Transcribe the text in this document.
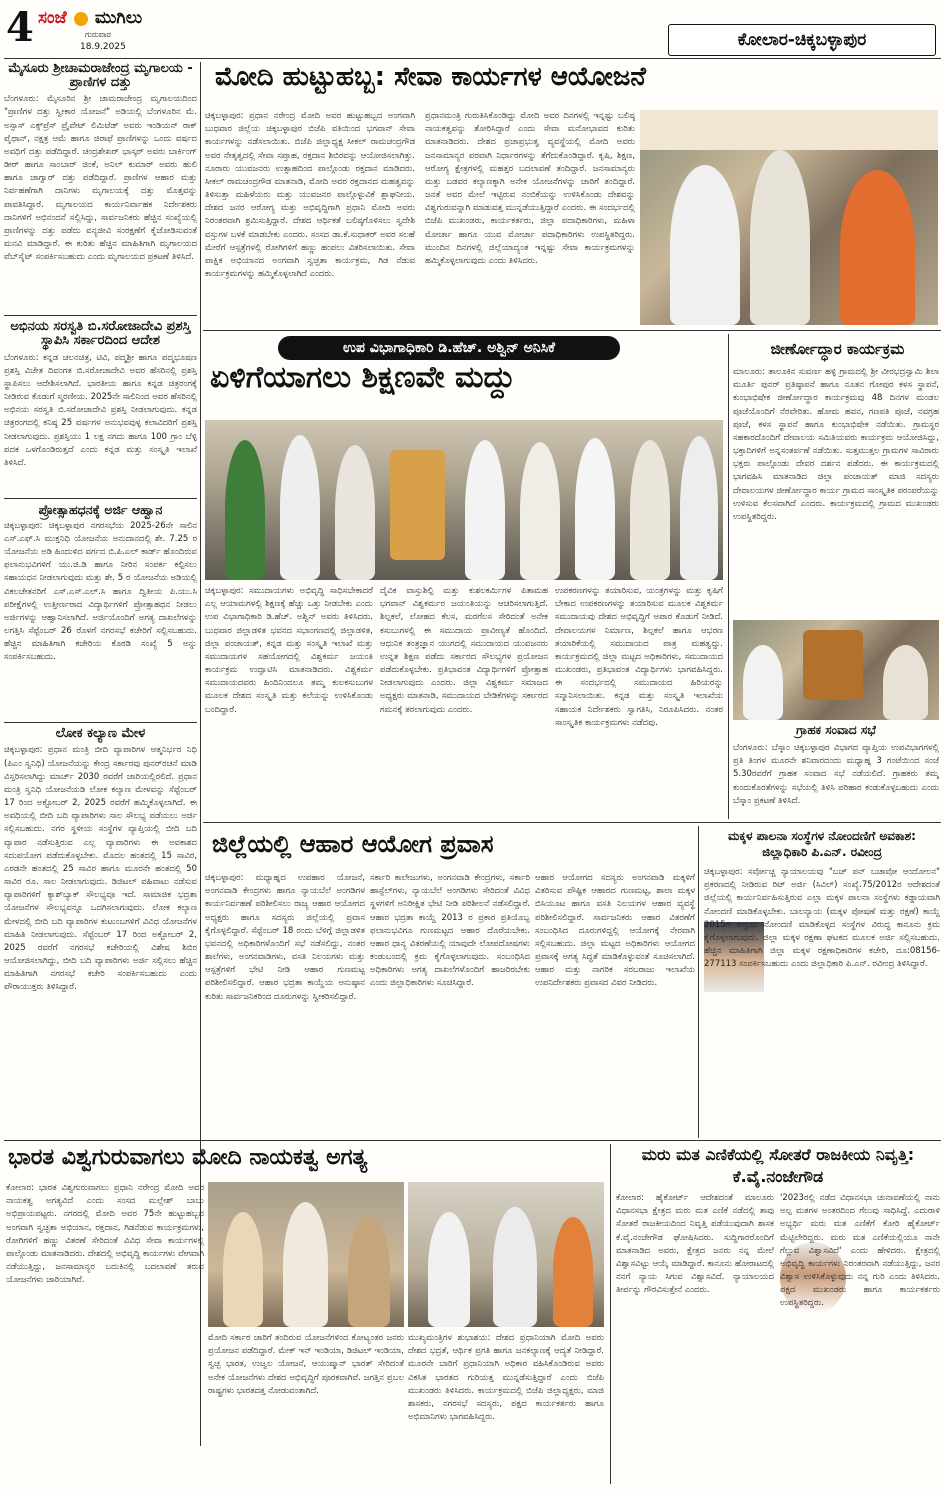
4 ಸಂಜೆ ಮುಗಿಲು
ಗುರುವಾರ
18.9.2025	ಕೋಲಾರ-ಚಿಕ್ಕಬಳ್ಳಾಪುರ
ಮೈಸೂರು ಶ್ರೀಚಾಮರಾಜೇಂದ್ರ ಮೃಗಾಲಯ - ಪ್ರಾಣಿಗಳ ದತ್ತು
ಬೆಂಗಳೂರು: ಮೈಸೂರಿನ ಶ್ರೀ ಚಾಮರಾಜೇಂದ್ರ ಮೃಗಾಲಯದಿಂದ "ಪ್ರಾಣಿಗಳ ದತ್ತು ಸ್ವೀಕಾರ ಯೋಜನೆ" ಅಡಿಯಲ್ಲಿ ಬೆಂಗಳೂರಿನ ಮೆ. ಅಸ್ಸಾಸ್ ಎಕ್ಸ್‌ಪ್ರೆಸ್ ಪ್ರೈವೇಟ್ ಲಿಮಿಟೆಡ್ ಅವರು ಇಂಡಿಯನ್ ರಾಕ್ ಪೈಥಾನ್, ನಕ್ಷತ್ರ ಆಮೆ ಹಾಗೂ ಜಿರಾಫೆ ಪ್ರಾಣಿಗಳನ್ನು ಒಂದು ವರ್ಷದ ಅವಧಿಗೆ ದತ್ತು ಪಡೆದಿದ್ದಾರೆ. ಚಂದ್ರಶೇಖರ್ ಭಾಸ್ಕರ್ ಅವರು ಬಾರ್ಕಿಂಗ್ ಡೀರ್ ಹಾಗೂ ಸಾಂಬಾರ್ ಜಿಂಕೆ, ಅನಿಲ್ ಕುಮಾರ್ ಅವರು ಹುಲಿ ಹಾಗೂ ಜಾಗ್ವಾರ್ ದತ್ತು ಪಡೆದಿದ್ದಾರೆ. ಪ್ರಾಣಿಗಳ ಆಹಾರ ಮತ್ತು ನಿರ್ವಹಣೆಗಾಗಿ ದಾನಿಗಳು ಮೃಗಾಲಯಕ್ಕೆ ದತ್ತು ಮೊತ್ತವನ್ನು ಪಾವತಿಸಿದ್ದಾರೆ. ಮೃಗಾಲಯದ ಕಾರ್ಯನಿರ್ವಾಹಕ ನಿರ್ದೇಶಕರು ದಾನಿಗಳಿಗೆ ಅಭಿನಂದನೆ ಸಲ್ಲಿಸಿದ್ದು, ಸಾರ್ವಜನಿಕರು ಹೆಚ್ಚಿನ ಸಂಖ್ಯೆಯಲ್ಲಿ ಪ್ರಾಣಿಗಳನ್ನು ದತ್ತು ಪಡೆದು ವನ್ಯಜೀವಿ ಸಂರಕ್ಷಣೆಗೆ ಕೈಜೋಡಿಸುವಂತೆ ಮನವಿ ಮಾಡಿದ್ದಾರೆ. ಈ ಕುರಿತು ಹೆಚ್ಚಿನ ಮಾಹಿತಿಗಾಗಿ ಮೃಗಾಲಯದ ವೆಬ್‌ಸೈಟ್ ಸಂಪರ್ಕಿಸಬಹುದು ಎಂದು ಮೃಗಾಲಯದ ಪ್ರಕಟಣೆ ತಿಳಿಸಿದೆ.
ಅಭಿನಯ ಸರಸ್ವತಿ ಬಿ.ಸರೋಜಾದೇವಿ ಪ್ರಶಸ್ತಿ ಸ್ಥಾಪಿಸಿ ಸರ್ಕಾರದಿಂದ ಆದೇಶ
ಬೆಂಗಳೂರು: ಕನ್ನಡ ಚಲನಚಿತ್ರ, ಟಿವಿ, ಪದ್ಮಶ್ರೀ ಹಾಗೂ ಪದ್ಮಭೂಷಣ ಪ್ರಶಸ್ತಿ ವಿಜೇತ ದಿವಂಗತ ಬಿ.ಸರೋಜಾದೇವಿ ಅವರ ಹೆಸರಿನಲ್ಲಿ ಪ್ರಶಸ್ತಿ ಸ್ಥಾಪಿಸಲು ಆದೇಶಿಸಲಾಗಿದೆ. ಭಾರತೀಯ ಹಾಗೂ ಕನ್ನಡ ಚಿತ್ರರಂಗಕ್ಕೆ ನೀಡಿರುವ ಕೊಡುಗೆ ಸ್ಮರಣೀಯ. 2025ನೇ ಸಾಲಿನಿಂದ ಅವರ ಹೆಸರಿನಲ್ಲಿ ಅಭಿನಯ ಸರಸ್ವತಿ ಬಿ.ಸರೋಜಾದೇವಿ ಪ್ರಶಸ್ತಿ ನೀಡಲಾಗುವುದು. ಕನ್ನಡ ಚಿತ್ರರಂಗದಲ್ಲಿ ಕನಿಷ್ಠ 25 ವರ್ಷಗಳ ಅನುಭವವುಳ್ಳ ಕಲಾವಿದರಿಗೆ ಪ್ರಶಸ್ತಿ ನೀಡಲಾಗುವುದು. ಪ್ರಶಸ್ತಿಯು 1 ಲಕ್ಷ ನಗದು ಹಾಗೂ 100 ಗ್ರಾಂ ಬೆಳ್ಳಿ ಪದಕ ಒಳಗೊಂಡಿರುತ್ತದೆ ಎಂದು ಕನ್ನಡ ಮತ್ತು ಸಂಸ್ಕೃತಿ ಇಲಾಖೆ ತಿಳಿಸಿದೆ.
ಪ್ರೋತ್ಸಾಹಧನಕ್ಕೆ ಅರ್ಜಿ ಆಹ್ವಾನ
ಚಿಕ್ಕಬಳ್ಳಾಪುರ: ಚಿಕ್ಕಬಳ್ಳಾಪುರ ನಗರಸಭೆಯ 2025-26ನೇ ಸಾಲಿನ ಎಸ್.ಎಫ್.ಸಿ ಮುಕ್ತನಿಧಿ ಯೋಜನೆಯ ಅನುದಾನದಲ್ಲಿ ಶೇ. 7.25 ರ ಯೋಜನೆಯ ಅಡಿ ಹಿಂದುಳಿದ ವರ್ಗದ ಬಿ.ಪಿ.ಎಲ್ ಕಾರ್ಡ್ ಹೊಂದಿರುವ ಫಲಾನುಭವಿಗಳಿಗೆ ಯು.ಜಿ.ಡಿ ಹಾಗೂ ನೀರಿನ ಸಂಪರ್ಕ ಕಲ್ಪಿಸಲು ಸಹಾಯಧನ ನೀಡಲಾಗುವುದು ಮತ್ತು ಶೇ. 5 ರ ಯೋಜನೆಯ ಅಡಿಯಲ್ಲಿ ವಿಕಲಚೇತನರಿಗೆ ಎಸ್.ಎಸ್.ಎಲ್.ಸಿ ಹಾಗೂ ದ್ವಿತೀಯ ಪಿ.ಯು.ಸಿ ಪರೀಕ್ಷೆಗಳಲ್ಲಿ ಉತ್ತೀರ್ಣರಾದ ವಿದ್ಯಾರ್ಥಿಗಳಿಗೆ ಪ್ರೋತ್ಸಾಹಧನ ನೀಡಲು ಅರ್ಜಿಗಳನ್ನು ಆಹ್ವಾನಿಸಲಾಗಿದೆ. ಅರ್ಜಿಯೊಂದಿಗೆ ಅಗತ್ಯ ದಾಖಲೆಗಳನ್ನು ಲಗತ್ತಿಸಿ ಸೆಪ್ಟೆಂಬರ್ 26 ರೊಳಗೆ ನಗರಸಭೆ ಕಚೇರಿಗೆ ಸಲ್ಲಿಸಬಹುದು. ಹೆಚ್ಚಿನ ಮಾಹಿತಿಗಾಗಿ ಕಚೇರಿಯ ಕೊಠಡಿ ಸಂಖ್ಯೆ 5 ಅನ್ನು ಸಂಪರ್ಕಿಸಬಹುದು.
ಲೋಕ ಕಲ್ಯಾಣ ಮೇಳ
ಚಿಕ್ಕಬಳ್ಳಾಪುರ: ಪ್ರಧಾನ ಮಂತ್ರಿ ಬೀದಿ ವ್ಯಾಪಾರಿಗಳ ಆತ್ಮನಿರ್ಭರ ನಿಧಿ (ಪಿಎಂ ಸ್ವನಿಧಿ) ಯೋಜನೆಯನ್ನು ಕೇಂದ್ರ ಸರ್ಕಾರವು ಪುನರ್‌ರಚನೆ ಮಾಡಿ ವಿಸ್ತರಿಸಲಾಗಿದ್ದು ಮಾರ್ಚ್ 2030 ರವರೆಗೆ ಜಾರಿಯಲ್ಲಿರಲಿದೆ. ಪ್ರಧಾನ ಮಂತ್ರಿ ಸ್ವನಿಧಿ ಯೋಜನೆಯಡಿ ಲೋಕ ಕಲ್ಯಾಣ ಮೇಳವನ್ನು ಸೆಪ್ಟೆಂಬರ್ 17 ರಿಂದ ಅಕ್ಟೋಬರ್ 2, 2025 ರವರೆಗೆ ಹಮ್ಮಿಕೊಳ್ಳಲಾಗಿದೆ. ಈ ಅವಧಿಯಲ್ಲಿ ಬೀದಿ ಬದಿ ವ್ಯಾಪಾರಿಗಳು ಸಾಲ ಸೌಲಭ್ಯ ಪಡೆಯಲು ಅರ್ಜಿ ಸಲ್ಲಿಸಬಹುದು. ನಗರ ಸ್ಥಳೀಯ ಸಂಸ್ಥೆಗಳ ವ್ಯಾಪ್ತಿಯಲ್ಲಿ ಬೀದಿ ಬದಿ ವ್ಯಾಪಾರ ನಡೆಸುತ್ತಿರುವ ಎಲ್ಲ ವ್ಯಾಪಾರಿಗಳು ಈ ಅವಕಾಶದ ಸದುಪಯೋಗ ಪಡೆದುಕೊಳ್ಳಬೇಕು. ಮೊದಲ ಹಂತದಲ್ಲಿ 15 ಸಾವಿರ, ಎರಡನೇ ಹಂತದಲ್ಲಿ 25 ಸಾವಿರ ಹಾಗೂ ಮೂರನೇ ಹಂತದಲ್ಲಿ 50 ಸಾವಿರ ರೂ. ಸಾಲ ನೀಡಲಾಗುವುದು. ಡಿಜಿಟಲ್ ವಹಿವಾಟು ನಡೆಸುವ ವ್ಯಾಪಾರಿಗಳಿಗೆ ಕ್ಯಾಶ್‌ಬ್ಯಾಕ್ ಸೌಲಭ್ಯವೂ ಇದೆ. ಸಾಮಾಜಿಕ ಭದ್ರತಾ ಯೋಜನೆಗಳ ಸೌಲಭ್ಯವನ್ನೂ ಒದಗಿಸಲಾಗುವುದು. ಲೋಕ ಕಲ್ಯಾಣ ಮೇಳದಲ್ಲಿ ಬೀದಿ ಬದಿ ವ್ಯಾಪಾರಿಗಳ ಕುಟುಂಬಗಳಿಗೆ ವಿವಿಧ ಯೋಜನೆಗಳ ಮಾಹಿತಿ ನೀಡಲಾಗುವುದು. ಸೆಪ್ಟೆಂಬರ್ 17 ರಿಂದ ಅಕ್ಟೋಬರ್ 2, 2025 ರವರೆಗೆ ನಗರಸಭೆ ಕಚೇರಿಯಲ್ಲಿ ವಿಶೇಷ ಶಿಬಿರ ಆಯೋಜಿಸಲಾಗಿದ್ದು, ಬೀದಿ ಬದಿ ವ್ಯಾಪಾರಿಗಳು ಅರ್ಜಿ ಸಲ್ಲಿಸಲು ಹೆಚ್ಚಿನ ಮಾಹಿತಿಗಾಗಿ ನಗರಸಭೆ ಕಚೇರಿ ಸಂಪರ್ಕಿಸಬಹುದು ಎಂದು ಪೌರಾಯುಕ್ತರು ತಿಳಿಸಿದ್ದಾರೆ.
ಮೋದಿ ಹುಟ್ಟುಹಬ್ಬ: ಸೇವಾ ಕಾರ್ಯಗಳ ಆಯೋಜನೆ
ಚಿಕ್ಕಬಳ್ಳಾಪುರ: ಪ್ರಧಾನ ನರೇಂದ್ರ ಮೋದಿ ಅವರ ಹುಟ್ಟುಹಬ್ಬದ ಅಂಗವಾಗಿ ಬುಧವಾರ ಜಿಲ್ಲೆಯ ಚಿಕ್ಕಬಳ್ಳಾಪುರ ಬಿಜೆಪಿ ವತಿಯಿಂದ ಭಗವಾನ್ ಸೇವಾ ಕಾರ್ಯಗಳನ್ನು ನಡೆಸಲಾಯಿತು. ಬಿಜೆಪಿ ಜಿಲ್ಲಾಧ್ಯಕ್ಷ ಸೀಕಲ್ ರಾಮಚಂದ್ರಗೌಡ ಅವರ ನೇತೃತ್ವದಲ್ಲಿ ಸೇವಾ ಸಪ್ತಾಹ, ರಕ್ತದಾನ ಶಿಬಿರವನ್ನು ಆಯೋಜಿಸಲಾಗಿತ್ತು. ನೂರಾರು ಯುವಜನರು ಉತ್ಸಾಹದಿಂದ ಪಾಲ್ಗೊಂಡು ರಕ್ತದಾನ ಮಾಡಿದರು. ಸೀಕಲ್ ರಾಮಚಂದ್ರಗೌಡ ಮಾತನಾಡಿ, ಮೋದಿ ಅವರ ರಕ್ತದಾನದ ಮಹತ್ವವನ್ನು ತಿಳಿಸುತ್ತಾ ಮಹಿಳೆಯರು ಮತ್ತು ಯುವಜನರ ಪಾಲ್ಗೊಳ್ಳುವಿಕೆ ಶ್ಲಾಘನೀಯ. ದೇಶದ ಜನರ ಆರೋಗ್ಯ ಮತ್ತು ಅಭಿವೃದ್ಧಿಗಾಗಿ ಪ್ರಧಾನಿ ಮೋದಿ ಅವರು ನಿರಂತರವಾಗಿ ಶ್ರಮಿಸುತ್ತಿದ್ದಾರೆ. ದೇಶದ ಆರ್ಥಿಕತೆ ಬಲಿಷ್ಠಗೊಳಿಸಲು ಸ್ವದೇಶಿ ವಸ್ತುಗಳ ಬಳಕೆ ಮಾಡಬೇಕು ಎಂದರು. ಸಂಸದ ಡಾ.ಕೆ.ಸುಧಾಕರ್ ಅವರ ಸಲಹೆ ಮೇರೆಗೆ ಆಸ್ಪತ್ರೆಗಳಲ್ಲಿ ರೋಗಿಗಳಿಗೆ ಹಣ್ಣು ಹಂಪಲು ವಿತರಿಸಲಾಯಿತು. ಸೇವಾ ಪಾಕ್ಷಿಕ ಅಭಿಯಾನದ ಅಂಗವಾಗಿ ಸ್ವಚ್ಛತಾ ಕಾರ್ಯಕ್ರಮ, ಗಿಡ ನೆಡುವ ಕಾರ್ಯಕ್ರಮಗಳನ್ನು ಹಮ್ಮಿಕೊಳ್ಳಲಾಗಿದೆ ಎಂದರು.
ಪ್ರಧಾನಮಂತ್ರಿ ಗುರುತಿಸಿಕೊಂಡಿದ್ದು ಮೋದಿ ಅವರ ದಿನಗಳಲ್ಲಿ ಇನ್ನಷ್ಟು ಬಲಿಷ್ಠ ನಾಯಕತ್ವವನ್ನು ತೋರಿಸಿದ್ದಾರೆ ಎಂದು ಸೇವಾ ಮನೋಭಾವದ ಕುರಿತು ಮಾತನಾಡಿದರು. ದೇಶದ ಪ್ರಜಾಪ್ರಭುತ್ವ ವ್ಯವಸ್ಥೆಯಲ್ಲಿ ಮೋದಿ ಅವರು ಜನಸಾಮಾನ್ಯರ ಪರವಾಗಿ ನಿರ್ಧಾರಗಳನ್ನು ತೆಗೆದುಕೊಂಡಿದ್ದಾರೆ. ಕೃಷಿ, ಶಿಕ್ಷಣ, ಆರೋಗ್ಯ ಕ್ಷೇತ್ರಗಳಲ್ಲಿ ಮಹತ್ತರ ಬದಲಾವಣೆ ತಂದಿದ್ದಾರೆ. ಜನಸಾಮಾನ್ಯರು ಮತ್ತು ಬಡವರ ಕಲ್ಯಾಣಕ್ಕಾಗಿ ಅನೇಕ ಯೋಜನೆಗಳನ್ನು ಜಾರಿಗೆ ತಂದಿದ್ದಾರೆ. ಜನತೆ ಅವರ ಮೇಲೆ ಇಟ್ಟಿರುವ ನಂಬಿಕೆಯನ್ನು ಉಳಿಸಿಕೊಂಡು ದೇಶವನ್ನು ವಿಶ್ವಗುರುವನ್ನಾಗಿ ಮಾಡುವತ್ತ ಮುನ್ನಡೆಯುತ್ತಿದ್ದಾರೆ ಎಂದರು. ಈ ಸಂದರ್ಭದಲ್ಲಿ ಬಿಜೆಪಿ ಮುಖಂಡರು, ಕಾರ್ಯಕರ್ತರು, ಜಿಲ್ಲಾ ಪದಾಧಿಕಾರಿಗಳು, ಮಹಿಳಾ ಮೋರ್ಚಾ ಹಾಗೂ ಯುವ ಮೋರ್ಚಾ ಪದಾಧಿಕಾರಿಗಳು ಉಪಸ್ಥಿತರಿದ್ದರು. ಮುಂದಿನ ದಿನಗಳಲ್ಲಿ ಜಿಲ್ಲೆಯಾದ್ಯಂತ ಇನ್ನಷ್ಟು ಸೇವಾ ಕಾರ್ಯಕ್ರಮಗಳನ್ನು ಹಮ್ಮಿಕೊಳ್ಳಲಾಗುವುದು ಎಂದು ತಿಳಿಸಿದರು.
ಉಪ ವಿಭಾಗಾಧಿಕಾರಿ ಡಿ.ಹೆಚ್. ಅಶ್ವಿನ್ ಅನಿಸಿಕೆ
ಏಳಿಗೆಯಾಗಲು ಶಿಕ್ಷಣವೇ ಮದ್ದು
ಚಿಕ್ಕಬಳ್ಳಾಪುರ: ಸಮುದಾಯಗಳು ಅಭಿವೃದ್ಧಿ ಸಾಧಿಸಬೇಕಾದರೆ ಎಲ್ಲ ಆಯಾಮಗಳಲ್ಲಿ ಶಿಕ್ಷಣಕ್ಕೆ ಹೆಚ್ಚು ಒತ್ತು ನೀಡಬೇಕು ಎಂದು ಉಪ ವಿಭಾಗಾಧಿಕಾರಿ ಡಿ.ಹೆಚ್. ಅಶ್ವಿನ್ ಅವರು ತಿಳಿಸಿದರು. ಬುಧವಾರ ಜಿಲ್ಲಾಡಳಿತ ಭವನದ ಸಭಾಂಗಣದಲ್ಲಿ ಜಿಲ್ಲಾಡಳಿತ, ಜಿಲ್ಲಾ ಪಂಚಾಯತ್, ಕನ್ನಡ ಮತ್ತು ಸಂಸ್ಕೃತಿ ಇಲಾಖೆ ಮತ್ತು ಸಮುದಾಯಗಳ ಸಹಯೋಗದಲ್ಲಿ ವಿಶ್ವಕರ್ಮ ಜಯಂತಿ ಕಾರ್ಯಕ್ರಮ ಉದ್ಘಾಟಿಸಿ ಮಾತನಾಡಿದರು. ವಿಶ್ವಕರ್ಮ ಸಮುದಾಯದವರು ಹಿಂದಿನಿಂದಲೂ ತಮ್ಮ ಕುಲಕಸುಬುಗಳ ಮೂಲಕ ದೇಶದ ಸಂಸ್ಕೃತಿ ಮತ್ತು ಕಲೆಯನ್ನು ಉಳಿಸಿಕೊಂಡು ಬಂದಿದ್ದಾರೆ.
ದೈವಿಕ ವಾಸ್ತುಶಿಲ್ಪಿ ಮತ್ತು ಕುಶಲಕರ್ಮಿಗಳ ಪಿತಾಮಹ ಭಗವಾನ್ ವಿಶ್ವಕರ್ಮರ ಜಯಂತಿಯನ್ನು ಆಚರಿಸಲಾಗುತ್ತಿದೆ. ಶಿಲ್ಪಕಲೆ, ಲೋಹದ ಕೆಲಸ, ಮರಗೆಲಸ ಸೇರಿದಂತೆ ಅನೇಕ ಕಸುಬುಗಳಲ್ಲಿ ಈ ಸಮುದಾಯ ಪ್ರಾವೀಣ್ಯತೆ ಹೊಂದಿದೆ. ಆಧುನಿಕ ತಂತ್ರಜ್ಞಾನ ಯುಗದಲ್ಲಿ ಸಮುದಾಯದ ಯುವಜನರು ಉನ್ನತ ಶಿಕ್ಷಣ ಪಡೆದು ಸರ್ಕಾರದ ಸೌಲಭ್ಯಗಳ ಪ್ರಯೋಜನ ಪಡೆದುಕೊಳ್ಳಬೇಕು. ಪ್ರತಿಭಾವಂತ ವಿದ್ಯಾರ್ಥಿಗಳಿಗೆ ಪ್ರೋತ್ಸಾಹ ನೀಡಲಾಗುವುದು ಎಂದರು. ಜಿಲ್ಲಾ ವಿಶ್ವಕರ್ಮ ಸಮಾಜದ ಅಧ್ಯಕ್ಷರು ಮಾತನಾಡಿ, ಸಮುದಾಯದ ಬೇಡಿಕೆಗಳನ್ನು ಸರ್ಕಾರದ ಗಮನಕ್ಕೆ ತರಲಾಗುವುದು ಎಂದರು.
ಉಪಕರಣಗಳನ್ನು ತಯಾರಿಸುವ, ಯಂತ್ರಗಳನ್ನು ಮತ್ತು ಕೃಷಿಗೆ ಬೇಕಾದ ಉಪಕರಣಗಳನ್ನು ತಯಾರಿಸುವ ಮೂಲಕ ವಿಶ್ವಕರ್ಮ ಸಮುದಾಯವು ದೇಶದ ಅಭಿವೃದ್ಧಿಗೆ ಅಪಾರ ಕೊಡುಗೆ ನೀಡಿದೆ. ದೇವಾಲಯಗಳ ನಿರ್ಮಾಣ, ಶಿಲ್ಪಕಲೆ ಹಾಗೂ ಆಭರಣ ತಯಾರಿಕೆಯಲ್ಲಿ ಸಮುದಾಯದ ಪಾತ್ರ ಮಹತ್ವದ್ದು. ಕಾರ್ಯಕ್ರಮದಲ್ಲಿ ಜಿಲ್ಲಾ ಮಟ್ಟದ ಅಧಿಕಾರಿಗಳು, ಸಮುದಾಯದ ಮುಖಂಡರು, ಪ್ರತಿಭಾವಂತ ವಿದ್ಯಾರ್ಥಿಗಳು ಭಾಗವಹಿಸಿದ್ದರು. ಈ ಸಂದರ್ಭದಲ್ಲಿ ಸಮುದಾಯದ ಹಿರಿಯರನ್ನು ಸನ್ಮಾನಿಸಲಾಯಿತು. ಕನ್ನಡ ಮತ್ತು ಸಂಸ್ಕೃತಿ ಇಲಾಖೆಯ ಸಹಾಯಕ ನಿರ್ದೇಶಕರು ಸ್ವಾಗತಿಸಿ, ನಿರೂಪಿಸಿದರು. ನಂತರ ಸಾಂಸ್ಕೃತಿಕ ಕಾರ್ಯಕ್ರಮಗಳು ನಡೆದವು.
ಜೀರ್ಣೋದ್ಧಾರ ಕಾರ್ಯಕ್ರಮ
ಮಾಲೂರು: ತಾಲೂಕಿನ ಸುವರ್ಣ ಹಳ್ಳಿ ಗ್ರಾಮದಲ್ಲಿ ಶ್ರೀ ವೀರಭದ್ರಸ್ವಾಮಿ ಶಿಲಾ ಮೂರ್ತಿ ಪುನರ್ ಪ್ರತಿಷ್ಠಾಪನೆ ಹಾಗೂ ನೂತನ ಗೋಪುರ ಕಳಸ ಸ್ಥಾಪನೆ, ಕುಂಭಾಭಿಷೇಕ ಜೀರ್ಣೋದ್ಧಾರ ಕಾರ್ಯಕ್ರಮವು 48 ದಿನಗಳ ಮಂಡಲ ಪೂಜೆಯೊಂದಿಗೆ ನೆರವೇರಿತು. ಹೋಮ ಹವನ, ಗಣಪತಿ ಪೂಜೆ, ನವಗ್ರಹ ಪೂಜೆ, ಕಳಸ ಸ್ಥಾಪನೆ ಹಾಗೂ ಕುಂಭಾಭಿಷೇಕ ನಡೆಯಿತು. ಗ್ರಾಮಸ್ಥರ ಸಹಕಾರದೊಂದಿಗೆ ದೇವಾಲಯ ಸಮಿತಿಯವರು ಕಾರ್ಯಕ್ರಮ ಆಯೋಜಿಸಿದ್ದು, ಭಕ್ತಾದಿಗಳಿಗೆ ಅನ್ನಸಂತರ್ಪಣೆ ನಡೆಯಿತು. ಸುತ್ತಮುತ್ತಲ ಗ್ರಾಮಗಳ ಸಾವಿರಾರು ಭಕ್ತರು ಪಾಲ್ಗೊಂಡು ದೇವರ ದರ್ಶನ ಪಡೆದರು. ಈ ಕಾರ್ಯಕ್ರಮದಲ್ಲಿ ಭಾಗವಹಿಸಿ ಮಾತನಾಡಿದ ಜಿಲ್ಲಾ ಪಂಚಾಯತ್ ಮಾಜಿ ಸದಸ್ಯರು ದೇವಾಲಯಗಳ ಜೀರ್ಣೋದ್ಧಾರ ಕಾರ್ಯ ಗ್ರಾಮದ ಸಾಂಸ್ಕೃತಿಕ ಪರಂಪರೆಯನ್ನು ಉಳಿಸುವ ಕೆಲಸವಾಗಿದೆ ಎಂದರು. ಕಾರ್ಯಕ್ರಮದಲ್ಲಿ ಗ್ರಾಮದ ಮುಖಂಡರು ಉಪಸ್ಥಿತರಿದ್ದರು.
ಗ್ರಾಹಕ ಸಂವಾದ ಸಭೆ
ಬೆಂಗಳೂರು: ಬೆಸ್ಕಾಂ ಚಿಕ್ಕಬಳ್ಳಾಪುರ ವಿಭಾಗದ ವ್ಯಾಪ್ತಿಯ ಉಪವಿಭಾಗಗಳಲ್ಲಿ ಪ್ರತಿ ತಿಂಗಳ ಮೂರನೇ ಶನಿವಾರದಂದು ಮಧ್ಯಾಹ್ನ 3 ಗಂಟೆಯಿಂದ ಸಂಜೆ 5.30ರವರೆಗೆ ಗ್ರಾಹಕ ಸಂವಾದ ಸಭೆ ನಡೆಯಲಿದೆ. ಗ್ರಾಹಕರು ತಮ್ಮ ಕುಂದುಕೊರತೆಗಳನ್ನು ಸಭೆಯಲ್ಲಿ ತಿಳಿಸಿ ಪರಿಹಾರ ಕಂಡುಕೊಳ್ಳಬಹುದು ಎಂದು ಬೆಸ್ಕಾಂ ಪ್ರಕಟಣೆ ತಿಳಿಸಿದೆ.
ಜಿಲ್ಲೆಯಲ್ಲಿ ಆಹಾರ ಆಯೋಗ ಪ್ರವಾಸ
ಚಿಕ್ಕಬಳ್ಳಾಪುರ: ಮಧ್ಯಾಹ್ನದ ಉಪಹಾರ ಯೋಜನೆ, ಅಂಗನವಾಡಿ ಕೇಂದ್ರಗಳು ಹಾಗೂ ನ್ಯಾಯಬೆಲೆ ಅಂಗಡಿಗಳ ಕಾರ್ಯನಿರ್ವಹಣೆ ಪರಿಶೀಲಿಸಲು ರಾಜ್ಯ ಆಹಾರ ಆಯೋಗದ ಅಧ್ಯಕ್ಷರು ಹಾಗೂ ಸದಸ್ಯರು ಜಿಲ್ಲೆಯಲ್ಲಿ ಪ್ರವಾಸ ಕೈಗೊಳ್ಳಲಿದ್ದಾರೆ. ಸೆಪ್ಟೆಂಬರ್ 18 ರಂದು ಬೆಳಿಗ್ಗೆ ಜಿಲ್ಲಾಡಳಿತ ಭವನದಲ್ಲಿ ಅಧಿಕಾರಿಗಳೊಂದಿಗೆ ಸಭೆ ನಡೆಸಲಿದ್ದು, ನಂತರ ಶಾಲೆಗಳು, ಅಂಗನವಾಡಿಗಳು, ವಸತಿ ನಿಲಯಗಳು ಮತ್ತು ಆಸ್ಪತ್ರೆಗಳಿಗೆ ಭೇಟಿ ನೀಡಿ ಆಹಾರ ಗುಣಮಟ್ಟ ಪರಿಶೀಲಿಸಲಿದ್ದಾರೆ. ಆಹಾರ ಭದ್ರತಾ ಕಾಯ್ದೆಯ ಅನುಷ್ಠಾನ ಕುರಿತು ಸಾರ್ವಜನಿಕರಿಂದ ದೂರುಗಳನ್ನು ಸ್ವೀಕರಿಸಲಿದ್ದಾರೆ.
ಸರ್ಕಾರಿ ಕಾಲೇಜುಗಳು, ಅಂಗನವಾಡಿ ಕೇಂದ್ರಗಳು, ಸರ್ಕಾರಿ ಹಾಸ್ಟೆಲ್‌ಗಳು, ನ್ಯಾಯಬೆಲೆ ಅಂಗಡಿಗಳು ಸೇರಿದಂತೆ ವಿವಿಧ ಸ್ಥಳಗಳಿಗೆ ಅನಿರೀಕ್ಷಿತ ಭೇಟಿ ನೀಡಿ ಪರಿಶೀಲನೆ ನಡೆಸಲಿದ್ದಾರೆ. ಆಹಾರ ಭದ್ರತಾ ಕಾಯ್ದೆ 2013 ರ ಪ್ರಕಾರ ಪ್ರತಿಯೊಬ್ಬ ಫಲಾನುಭವಿಗೂ ಗುಣಮಟ್ಟದ ಆಹಾರ ದೊರೆಯಬೇಕು. ಆಹಾರ ಧಾನ್ಯ ವಿತರಣೆಯಲ್ಲಿ ಯಾವುದೇ ಲೋಪದೋಷಗಳು ಕಂಡುಬಂದಲ್ಲಿ ಕ್ರಮ ಕೈಗೊಳ್ಳಲಾಗುವುದು. ಸಂಬಂಧಿಸಿದ ಅಧಿಕಾರಿಗಳು ಅಗತ್ಯ ದಾಖಲೆಗಳೊಂದಿಗೆ ಹಾಜರಿರಬೇಕು ಎಂದು ಜಿಲ್ಲಾಧಿಕಾರಿಗಳು ಸೂಚಿಸಿದ್ದಾರೆ.
ಆಹಾರ ಆಯೋಗದ ಸದಸ್ಯರು ಅಂಗನವಾಡಿ ಮಕ್ಕಳಿಗೆ ವಿತರಿಸುವ ಪೌಷ್ಟಿಕ ಆಹಾರದ ಗುಣಮಟ್ಟ, ಶಾಲಾ ಮಕ್ಕಳ ಬಿಸಿಯೂಟ ಹಾಗೂ ವಸತಿ ನಿಲಯಗಳ ಆಹಾರ ವ್ಯವಸ್ಥೆ ಪರಿಶೀಲಿಸಲಿದ್ದಾರೆ. ಸಾರ್ವಜನಿಕರು ಆಹಾರ ವಿತರಣೆಗೆ ಸಂಬಂಧಿಸಿದ ದೂರುಗಳಿದ್ದಲ್ಲಿ ಆಯೋಗಕ್ಕೆ ನೇರವಾಗಿ ಸಲ್ಲಿಸಬಹುದು. ಜಿಲ್ಲಾ ಮಟ್ಟದ ಅಧಿಕಾರಿಗಳು ಆಯೋಗದ ಪ್ರವಾಸಕ್ಕೆ ಅಗತ್ಯ ಸಿದ್ಧತೆ ಮಾಡಿಕೊಳ್ಳುವಂತೆ ಸೂಚಿಸಲಾಗಿದೆ. ಆಹಾರ ಮತ್ತು ನಾಗರಿಕ ಸರಬರಾಜು ಇಲಾಖೆಯ ಉಪನಿರ್ದೇಶಕರು ಪ್ರವಾಸದ ವಿವರ ನೀಡಿದರು.
ಮಕ್ಕಳ ಪಾಲನಾ ಸಂಸ್ಥೆಗಳ ನೋಂದಣಿಗೆ ಅವಕಾಶ: ಜಿಲ್ಲಾಧಿಕಾರಿ ಪಿ.ಎನ್. ರವೀಂದ್ರ
ಚಿಕ್ಕಬಳ್ಳಾಪುರ: ಸರ್ವೋಚ್ಚ ನ್ಯಾಯಾಲಯವು "ಬಚ್ ಪನ್ ಬಚಾವೋ ಆಂದೋಲನ" ಪ್ರಕರಣದಲ್ಲಿ ನೀಡಿರುವ ರಿಟ್ ಅರ್ಜಿ (ಸಿವಿಲ್) ಸಂಖ್ಯೆ.75/2012ರ ಆದೇಶದಂತೆ ಜಿಲ್ಲೆಯಲ್ಲಿ ಕಾರ್ಯನಿರ್ವಹಿಸುತ್ತಿರುವ ಎಲ್ಲಾ ಮಕ್ಕಳ ಪಾಲನಾ ಸಂಸ್ಥೆಗಳು ಕಡ್ಡಾಯವಾಗಿ ನೋಂದಣಿ ಮಾಡಿಕೊಳ್ಳಬೇಕು. ಬಾಲನ್ಯಾಯ (ಮಕ್ಕಳ ಪೋಷಣೆ ಮತ್ತು ರಕ್ಷಣೆ) ಕಾಯ್ದೆ 2015ರ ಅನ್ವಯ ನೋಂದಣಿ ಮಾಡಿಕೊಳ್ಳದ ಸಂಸ್ಥೆಗಳ ವಿರುದ್ಧ ಕಾನೂನು ಕ್ರಮ ಕೈಗೊಳ್ಳಲಾಗುವುದು. ಜಿಲ್ಲಾ ಮಕ್ಕಳ ರಕ್ಷಣಾ ಘಟಕದ ಮೂಲಕ ಅರ್ಜಿ ಸಲ್ಲಿಸಬಹುದು. ಹೆಚ್ಚಿನ ಮಾಹಿತಿಗಾಗಿ ಜಿಲ್ಲಾ ಮಕ್ಕಳ ರಕ್ಷಣಾಧಿಕಾರಿಗಳ ಕಚೇರಿ, ದೂ:08156-277113 ಸಂಪರ್ಕಿಸಬಹುದು ಎಂದು ಜಿಲ್ಲಾಧಿಕಾರಿ ಪಿ.ಎನ್. ರವೀಂದ್ರ ತಿಳಿಸಿದ್ದಾರೆ.
ಭಾರತ ವಿಶ್ವಗುರುವಾಗಲು ಮೋದಿ ನಾಯಕತ್ವ ಅಗತ್ಯ
ಕೋಲಾರ: ಭಾರತ ವಿಶ್ವಗುರುವಾಗಲು ಪ್ರಧಾನಿ ನರೇಂದ್ರ ಮೋದಿ ಅವರ ನಾಯಕತ್ವ ಅಗತ್ಯವಿದೆ ಎಂದು ಸಂಸದ ಮಲ್ಲೇಶ್ ಬಾಬು ಅಭಿಪ್ರಾಯಪಟ್ಟರು. ನಗರದಲ್ಲಿ ಮೋದಿ ಅವರ 75ನೇ ಹುಟ್ಟುಹಬ್ಬದ ಅಂಗವಾಗಿ ಸ್ವಚ್ಛತಾ ಅಭಿಯಾನ, ರಕ್ತದಾನ, ಗಿಡನೆಡುವ ಕಾರ್ಯಕ್ರಮಗಳು, ರೋಗಿಗಳಿಗೆ ಹಣ್ಣು ವಿತರಣೆ ಸೇರಿದಂತೆ ವಿವಿಧ ಸೇವಾ ಕಾರ್ಯಗಳಲ್ಲಿ ಪಾಲ್ಗೊಂಡು ಮಾತನಾಡಿದರು. ದೇಶದಲ್ಲಿ ಅಭಿವೃದ್ಧಿ ಕಾರ್ಯಗಳು ವೇಗವಾಗಿ ನಡೆಯುತ್ತಿದ್ದು, ಜನಸಾಮಾನ್ಯರ ಬದುಕಿನಲ್ಲಿ ಬದಲಾವಣೆ ತರುವ ಯೋಜನೆಗಳು ಜಾರಿಯಾಗಿವೆ.
ಮೋದಿ ಸರ್ಕಾರ ಜಾರಿಗೆ ತಂದಿರುವ ಯೋಜನೆಗಳಿಂದ ಕೋಟ್ಯಂತರ ಜನರು ಪ್ರಯೋಜನ ಪಡೆದಿದ್ದಾರೆ. ಮೇಕ್ ಇನ್ ಇಂಡಿಯಾ, ಡಿಜಿಟಲ್ ಇಂಡಿಯಾ, ಸ್ವಚ್ಛ ಭಾರತ, ಉಜ್ವಲ ಯೋಜನೆ, ಆಯುಷ್ಮಾನ್ ಭಾರತ್ ಸೇರಿದಂತೆ ಅನೇಕ ಯೋಜನೆಗಳು ದೇಶದ ಅಭಿವೃದ್ಧಿಗೆ ಪೂರಕವಾಗಿವೆ. ಜಗತ್ತಿನ ಪ್ರಬಲ ರಾಷ್ಟ್ರಗಳು ಭಾರತದತ್ತ ನೋಡುವಂತಾಗಿದೆ.
ಮುಖ್ಯಮಂತ್ರಿಗಳ ಶುಭಾಶಯ: ದೇಶದ ಪ್ರಧಾನಿಯಾಗಿ ಮೋದಿ ಅವರು ದೇಶದ ಭದ್ರತೆ, ಆರ್ಥಿಕ ಪ್ರಗತಿ ಹಾಗೂ ಜನಕಲ್ಯಾಣಕ್ಕೆ ಆದ್ಯತೆ ನೀಡಿದ್ದಾರೆ. ಮೂರನೇ ಬಾರಿಗೆ ಪ್ರಧಾನಿಯಾಗಿ ಅಧಿಕಾರ ವಹಿಸಿಕೊಂಡಿರುವ ಅವರು ವಿಕಸಿತ ಭಾರತದ ಗುರಿಯತ್ತ ಮುನ್ನಡೆಸುತ್ತಿದ್ದಾರೆ ಎಂದು ಬಿಜೆಪಿ ಮುಖಂಡರು ತಿಳಿಸಿದರು. ಕಾರ್ಯಕ್ರಮದಲ್ಲಿ ಬಿಜೆಪಿ ಜಿಲ್ಲಾಧ್ಯಕ್ಷರು, ಮಾಜಿ ಶಾಸಕರು, ನಗರಸಭೆ ಸದಸ್ಯರು, ಪಕ್ಷದ ಕಾರ್ಯಕರ್ತರು ಹಾಗೂ ಅಭಿಮಾನಿಗಳು ಭಾಗವಹಿಸಿದ್ದರು.
ಮರು ಮತ ಎಣಿಕೆಯಲ್ಲಿ ಸೋತರೆ ರಾಜಕೀಯ ನಿವೃತ್ತಿ: ಕೆ.ವೈ.ನಂಜೇಗೌಡ
ಕೋಲಾರ: ಹೈಕೋರ್ಟ್ ಆದೇಶದಂತೆ ಮಾಲೂರು ವಿಧಾನಸಭಾ ಕ್ಷೇತ್ರದ ಮರು ಮತ ಎಣಿಕೆ ನಡೆದಲ್ಲಿ ತಾವು ಸೋತರೆ ರಾಜಕೀಯದಿಂದ ನಿವೃತ್ತಿ ಪಡೆಯುವುದಾಗಿ ಶಾಸಕ ಕೆ.ವೈ.ನಂಜೇಗೌಡ ಘೋಷಿಸಿದರು. ಸುದ್ದಿಗಾರರೊಂದಿಗೆ ಮಾತನಾಡಿದ ಅವರು, ಕ್ಷೇತ್ರದ ಜನರು ನನ್ನ ಮೇಲೆ ವಿಶ್ವಾಸವಿಟ್ಟು ಆಯ್ಕೆ ಮಾಡಿದ್ದಾರೆ. ಕಾನೂನು ಹೋರಾಟದಲ್ಲಿ ನನಗೆ ನ್ಯಾಯ ಸಿಗುವ ವಿಶ್ವಾಸವಿದೆ. ನ್ಯಾಯಾಲಯದ ತೀರ್ಪನ್ನು ಗೌರವಿಸುತ್ತೇನೆ ಎಂದರು.
'2023ರಲ್ಲಿ ನಡೆದ ವಿಧಾನಸಭಾ ಚುನಾವಣೆಯಲ್ಲಿ ನಾನು ಅಲ್ಪ ಮತಗಳ ಅಂತರದಿಂದ ಗೆಲುವು ಸಾಧಿಸಿದ್ದೆ. ಎದುರಾಳಿ ಅಭ್ಯರ್ಥಿ ಮರು ಮತ ಎಣಿಕೆಗೆ ಕೋರಿ ಹೈಕೋರ್ಟ್ ಮೆಟ್ಟಿಲೇರಿದ್ದರು. ಮರು ಮತ ಎಣಿಕೆಯಲ್ಲಿಯೂ ನಾನೇ ಗೆಲ್ಲುವ ವಿಶ್ವಾಸವಿದೆ' ಎಂದು ಹೇಳಿದರು. ಕ್ಷೇತ್ರದಲ್ಲಿ ಅಭಿವೃದ್ಧಿ ಕಾರ್ಯಗಳು ನಿರಂತರವಾಗಿ ನಡೆಯುತ್ತಿದ್ದು, ಜನರ ವಿಶ್ವಾಸ ಉಳಿಸಿಕೊಳ್ಳುವುದು ನನ್ನ ಗುರಿ ಎಂದು ತಿಳಿಸಿದರು. ಪಕ್ಷದ ಮುಖಂಡರು ಹಾಗೂ ಕಾರ್ಯಕರ್ತರು ಉಪಸ್ಥಿತರಿದ್ದರು.
